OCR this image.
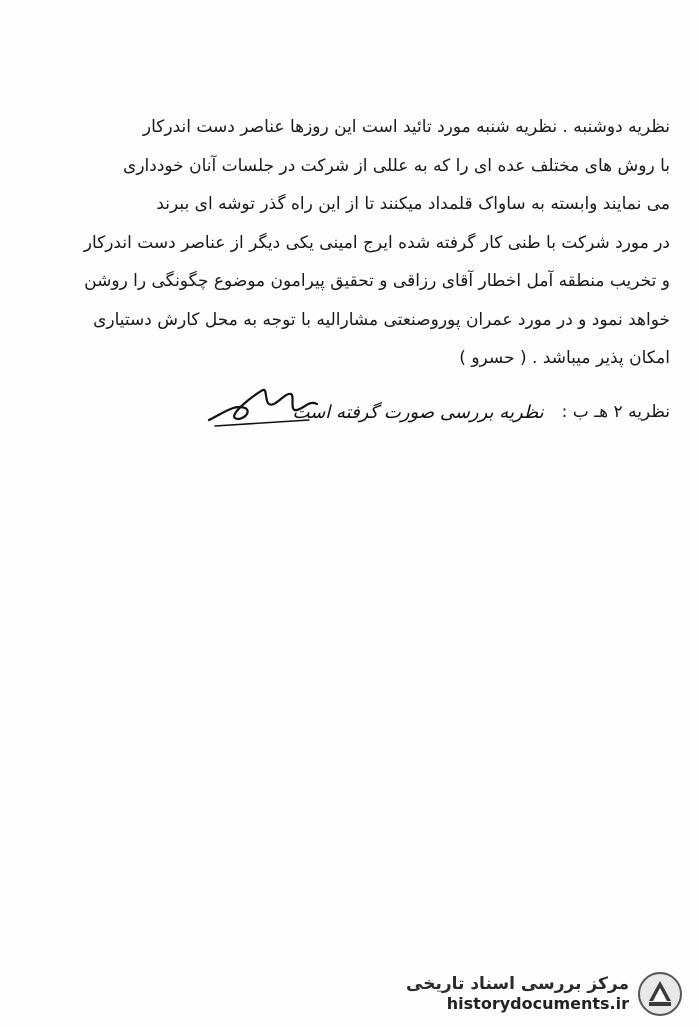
نظریه دوشنبه . نظریه شنبه مورد تائید است این روزها عناصر دست اندرکار
با روش های مختلف عده ای را که به عللی از شرکت در جلسات آنان خودداری
می نمایند وابسته به ساواک قلمداد میکنند تا از این راه گذر توشه ای ببرند
در مورد شرکت با طنی کار گرفته شده ایرج امینی یکی دیگر از عناصر دست اندرکار
و تخریب منطقه آمل اخطار آقای رزاقی و تحقیق پیرامون موضوع چگونگی را روشن
خواهد نمود و در مورد عمران پوروصنعتی مشارالیه با توجه به محل کارش دستیاری
امکان پذیر میباشد . ( حسرو )
نظریه ۲ هـ ب :
نظریه بررسی صورت گرفته است
مرکز بررسی اسناد تاریخی
historydocuments.ir
